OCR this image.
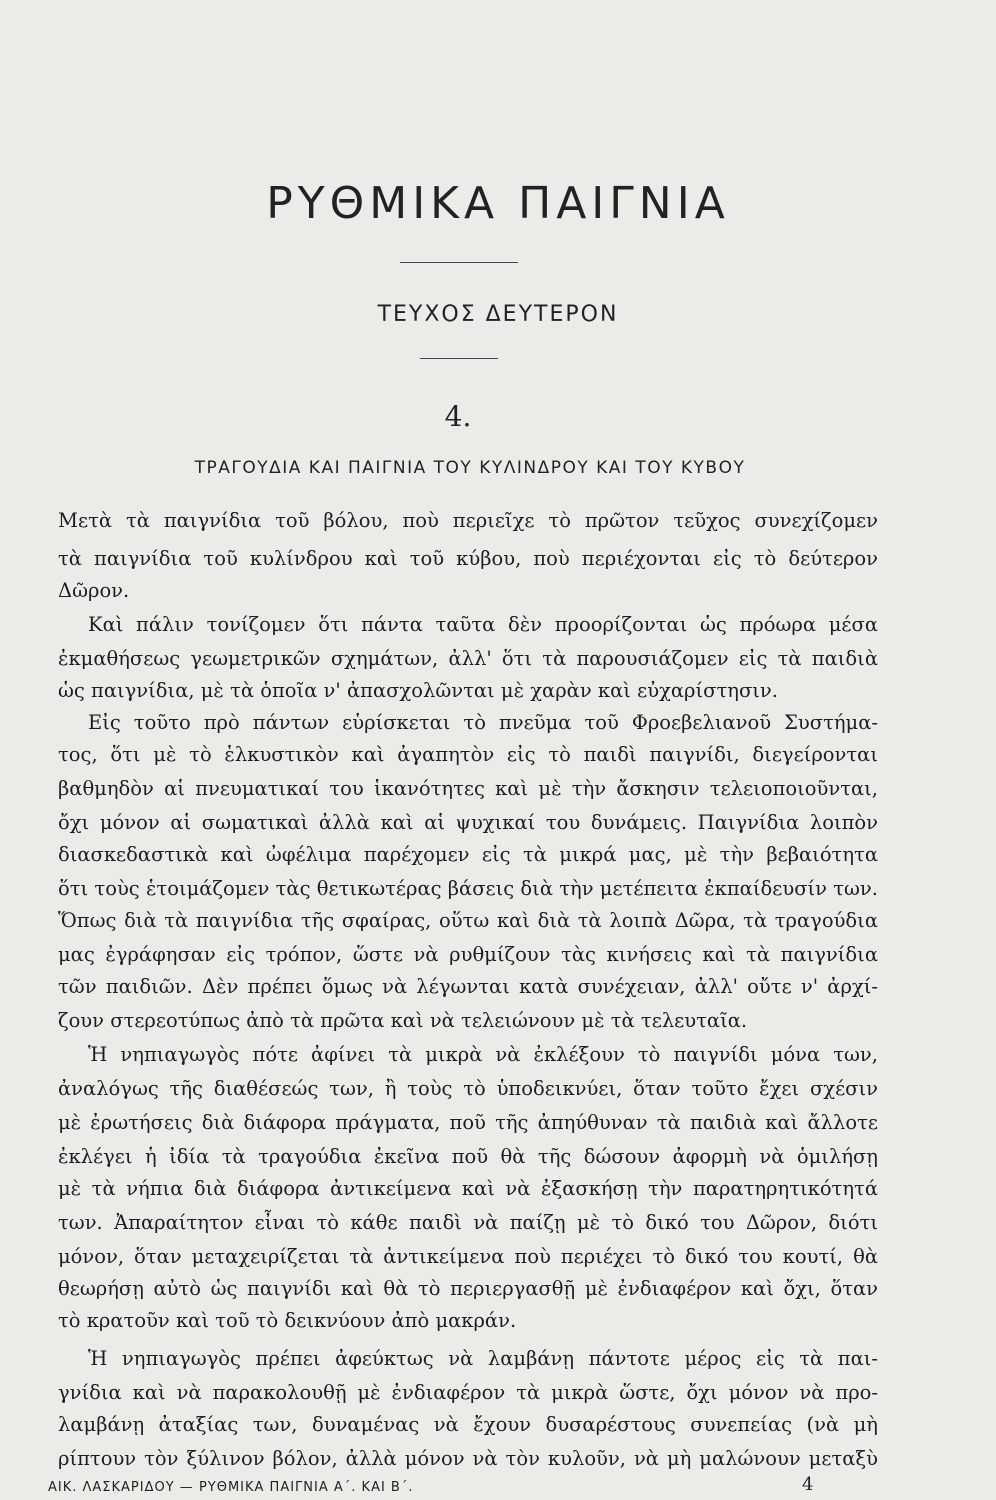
ΡΥΘΜΙΚΑ ΠΑΙΓΝΙΑ
ΤΕΥΧΟΣ ΔΕΥΤΕΡΟΝ
4.
ΤΡΑΓΟΥΔΙΑ ΚΑΙ ΠΑΙΓΝΙΑ ΤΟΥ ΚΥΛΙΝΔΡΟΥ ΚΑΙ ΤΟΥ ΚΥΒΟΥ
Μετὰ τὰ παιγνίδια τοῦ βόλου, ποὺ περιεῖχε τὸ πρῶτον τεῦχος συνεχίζομεν
τὰ παιγνίδια τοῦ κυλίνδρου καὶ τοῦ κύβου, ποὺ περιέχονται εἰς τὸ δεύτερον
Δῶρον.
Καὶ πάλιν τονίζομεν ὅτι πάντα ταῦτα δὲν προορίζονται ὡς πρόωρα μέσα
ἐκμαθήσεως γεωμετρικῶν σχημάτων, ἀλλ' ὅτι τὰ παρουσιάζομεν εἰς τὰ παιδιὰ
ὡς παιγνίδια, μὲ τὰ ὁποῖα ν' ἀπασχολῶνται μὲ χαρὰν καὶ εὐχαρίστησιν.
Εἰς τοῦτο πρὸ πάντων εὑρίσκεται τὸ πνεῦμα τοῦ Φροεβελιανοῦ Συστήμα-
τος, ὅτι μὲ τὸ ἑλκυστικὸν καὶ ἀγαπητὸν εἰς τὸ παιδὶ παιγνίδι, διεγείρονται
βαθμηδὸν αἱ πνευματικαί του ἱκανότητες καὶ μὲ τὴν ἄσκησιν τελειοποιοῦνται,
ὄχι μόνον αἱ σωματικαὶ ἀλλὰ καὶ αἱ ψυχικαί του δυνάμεις. Παιγνίδια λοιπὸν
διασκεδαστικὰ καὶ ὠφέλιμα παρέχομεν εἰς τὰ μικρά μας, μὲ τὴν βεβαιότητα
ὅτι τοὺς ἑτοιμάζομεν τὰς θετικωτέρας βάσεις διὰ τὴν μετέπειτα ἐκπαίδευσίν των.
Ὅπως διὰ τὰ παιγνίδια τῆς σφαίρας, οὕτω καὶ διὰ τὰ λοιπὰ Δῶρα, τὰ τραγούδια
μας ἐγράφησαν εἰς τρόπον, ὥστε νὰ ρυθμίζουν τὰς κινήσεις καὶ τὰ παιγνίδια
τῶν παιδιῶν. Δὲν πρέπει ὅμως νὰ λέγωνται κατὰ συνέχειαν, ἀλλ' οὔτε ν' ἀρχί-
ζουν στερεοτύπως ἀπὸ τὰ πρῶτα καὶ νὰ τελειώνουν μὲ τὰ τελευταῖα.
Ἡ νηπιαγωγὸς πότε ἀφίνει τὰ μικρὰ νὰ ἐκλέξουν τὸ παιγνίδι μόνα των,
ἀναλόγως τῆς διαθέσεώς των, ἢ τοὺς τὸ ὑποδεικνύει, ὅταν τοῦτο ἔχει σχέσιν
μὲ ἐρωτήσεις διὰ διάφορα πράγματα, ποῦ τῆς ἀπηύθυναν τὰ παιδιὰ καὶ ἄλλοτε
ἐκλέγει ἡ ἰδία τὰ τραγούδια ἐκεῖνα ποῦ θὰ τῆς δώσουν ἀφορμὴ νὰ ὁμιλήσῃ
μὲ τὰ νήπια διὰ διάφορα ἀντικείμενα καὶ νὰ ἐξασκήσῃ τὴν παρατηρητικότητά
των. Ἀπαραίτητον εἶναι τὸ κάθε παιδὶ νὰ παίζῃ μὲ τὸ δικό του Δῶρον, διότι
μόνον, ὅταν μεταχειρίζεται τὰ ἀντικείμενα ποὺ περιέχει τὸ δικό του κουτί, θὰ
θεωρήσῃ αὐτὸ ὡς παιγνίδι καὶ θὰ τὸ περιεργασθῇ μὲ ἐνδιαφέρον καὶ ὄχι, ὅταν
τὸ κρατοῦν καὶ τοῦ τὸ δεικνύουν ἀπὸ μακράν.
Ἡ νηπιαγωγὸς πρέπει ἀφεύκτως νὰ λαμβάνῃ πάντοτε μέρος εἰς τὰ παι-
γνίδια καὶ νὰ παρακολουθῇ μὲ ἐνδιαφέρον τὰ μικρὰ ὥστε, ὄχι μόνον νὰ προ-
λαμβάνῃ ἀταξίας των, δυναμένας νὰ ἔχουν δυσαρέστους συνεπείας (νὰ μὴ
ρίπτουν τὸν ξύλινον βόλον, ἀλλὰ μόνον νὰ τὸν κυλοῦν, νὰ μὴ μαλώνουν μεταξὺ
ΑΙΚ. ΛΑΣΚΑΡΙΔΟΥ — ΡΥΘΜΙΚΑ ΠΑΙΓΝΙΑ Α΄. ΚΑΙ Β΄.	4
